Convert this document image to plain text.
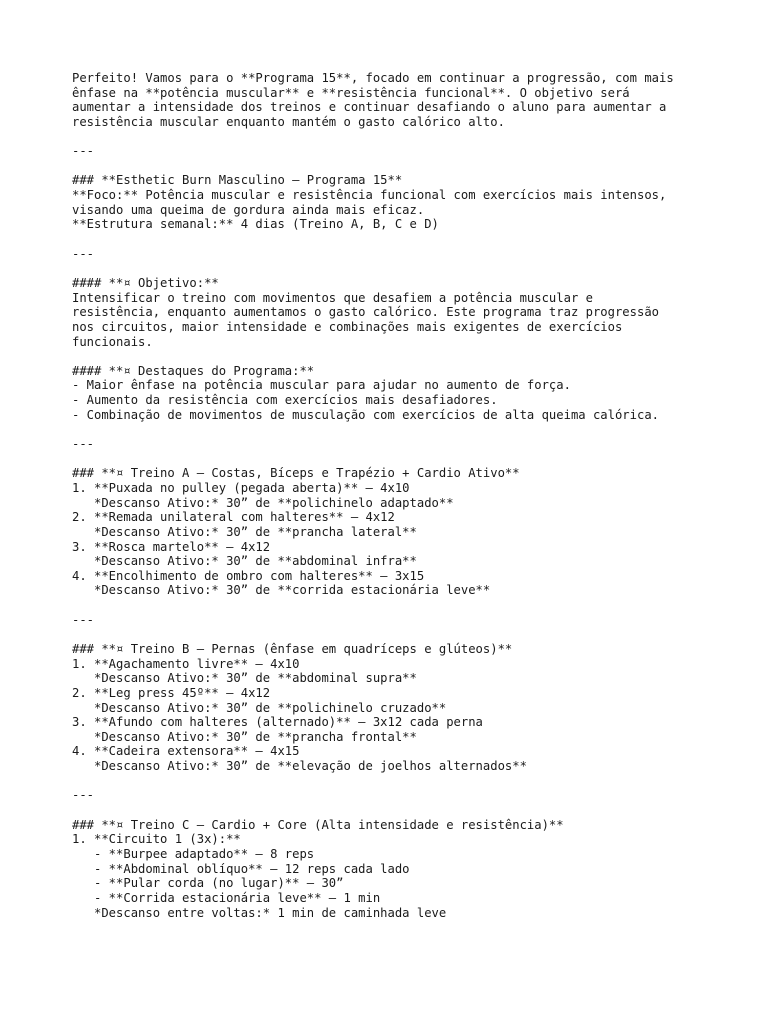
Perfeito! Vamos para o **Programa 15**, focado em continuar a progressão, com mais
ênfase na **potência muscular** e **resistência funcional**. O objetivo será
aumentar a intensidade dos treinos e continuar desafiando o aluno para aumentar a
resistência muscular enquanto mantém o gasto calórico alto.

---

### **Esthetic Burn Masculino – Programa 15**
**Foco:** Potência muscular e resistência funcional com exercícios mais intensos,
visando uma queima de gordura ainda mais eficaz.
**Estrutura semanal:** 4 dias (Treino A, B, C e D)

---

#### **¤ Objetivo:**
Intensificar o treino com movimentos que desafiem a potência muscular e
resistência, enquanto aumentamos o gasto calórico. Este programa traz progressão
nos circuitos, maior intensidade e combinações mais exigentes de exercícios
funcionais.

#### **¤ Destaques do Programa:**
- Maior ênfase na potência muscular para ajudar no aumento de força.
- Aumento da resistência com exercícios mais desafiadores.
- Combinação de movimentos de musculação com exercícios de alta queima calórica.

---

### **¤ Treino A – Costas, Bíceps e Trapézio + Cardio Ativo**
1. **Puxada no pulley (pegada aberta)** – 4x10
*Descanso Ativo:* 30” de **polichinelo adaptado**
2. **Remada unilateral com halteres** – 4x12
*Descanso Ativo:* 30” de **prancha lateral**
3. **Rosca martelo** – 4x12
*Descanso Ativo:* 30” de **abdominal infra**
4. **Encolhimento de ombro com halteres** – 3x15
*Descanso Ativo:* 30” de **corrida estacionária leve**

---

### **¤ Treino B – Pernas (ênfase em quadríceps e glúteos)**
1. **Agachamento livre** – 4x10
*Descanso Ativo:* 30” de **abdominal supra**
2. **Leg press 45º** – 4x12
*Descanso Ativo:* 30” de **polichinelo cruzado**
3. **Afundo com halteres (alternado)** – 3x12 cada perna
*Descanso Ativo:* 30” de **prancha frontal**
4. **Cadeira extensora** – 4x15
*Descanso Ativo:* 30” de **elevação de joelhos alternados**

---

### **¤ Treino C – Cardio + Core (Alta intensidade e resistência)**
1. **Circuito 1 (3x):**
- **Burpee adaptado** – 8 reps
- **Abdominal oblíquo** – 12 reps cada lado
- **Pular corda (no lugar)** – 30”
- **Corrida estacionária leve** – 1 min
*Descanso entre voltas:* 1 min de caminhada leve
